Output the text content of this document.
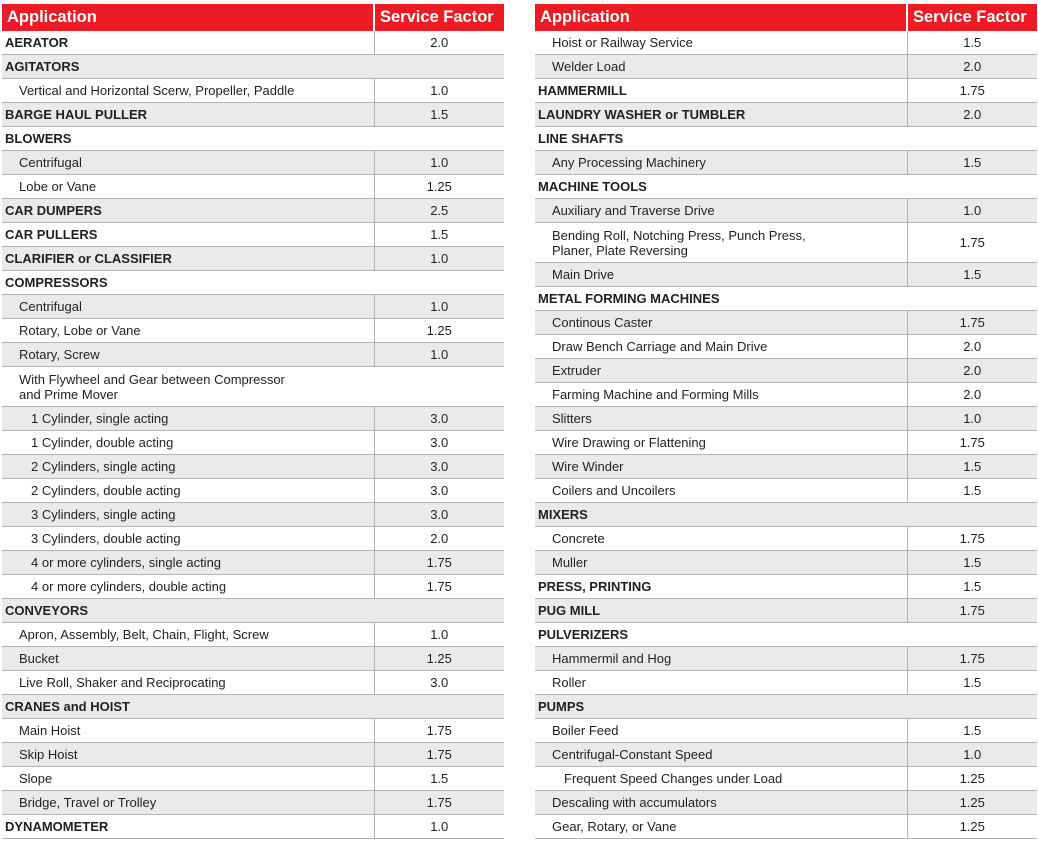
Application	Service Factor
AERATOR	2.0
AGITATORS	
Vertical and Horizontal Scerw, Propeller, Paddle	1.0
BARGE HAUL PULLER	1.5
BLOWERS	
Centrifugal	1.0
Lobe or Vane	1.25
CAR DUMPERS	2.5
CAR PULLERS	1.5
CLARIFIER or CLASSIFIER	1.0
COMPRESSORS	
Centrifugal	1.0
Rotary, Lobe or Vane	1.25
Rotary, Screw	1.0
With Flywheel and Gear between Compressor
and Prime Mover	
1 Cylinder, single acting	3.0
1 Cylinder, double acting	3.0
2 Cylinders, single acting	3.0
2 Cylinders, double acting	3.0
3 Cylinders, single acting	3.0
3 Cylinders, double acting	2.0
4 or more cylinders, single acting	1.75
4 or more cylinders, double acting	1.75
CONVEYORS	
Apron, Assembly, Belt, Chain, Flight, Screw	1.0
Bucket	1.25
Live Roll, Shaker and Reciprocating	3.0
CRANES and HOIST	
Main Hoist	1.75
Skip Hoist	1.75
Slope	1.5
Bridge, Travel or Trolley	1.75
DYNAMOMETER	1.0
Application	Service Factor
Hoist or Railway Service	1.5
Welder Load	2.0
HAMMERMILL	1.75
LAUNDRY WASHER or TUMBLER	2.0
LINE SHAFTS	
Any Processing Machinery	1.5
MACHINE TOOLS	
Auxiliary and Traverse Drive	1.0
Bending Roll, Notching Press, Punch Press,
Planer, Plate Reversing	1.75
Main Drive	1.5
METAL FORMING MACHINES	
Continous Caster	1.75
Draw Bench Carriage and Main Drive	2.0
Extruder	2.0
Farming Machine and Forming Mills	2.0
Slitters	1.0
Wire Drawing or Flattening	1.75
Wire Winder	1.5
Coilers and Uncoilers	1.5
MIXERS	
Concrete	1.75
Muller	1.5
PRESS, PRINTING	1.5
PUG MILL	1.75
PULVERIZERS	
Hammermil and Hog	1.75
Roller	1.5
PUMPS	
Boiler Feed	1.5
Centrifugal-Constant Speed	1.0
Frequent Speed Changes under Load	1.25
Descaling with accumulators	1.25
Gear, Rotary, or Vane	1.25
